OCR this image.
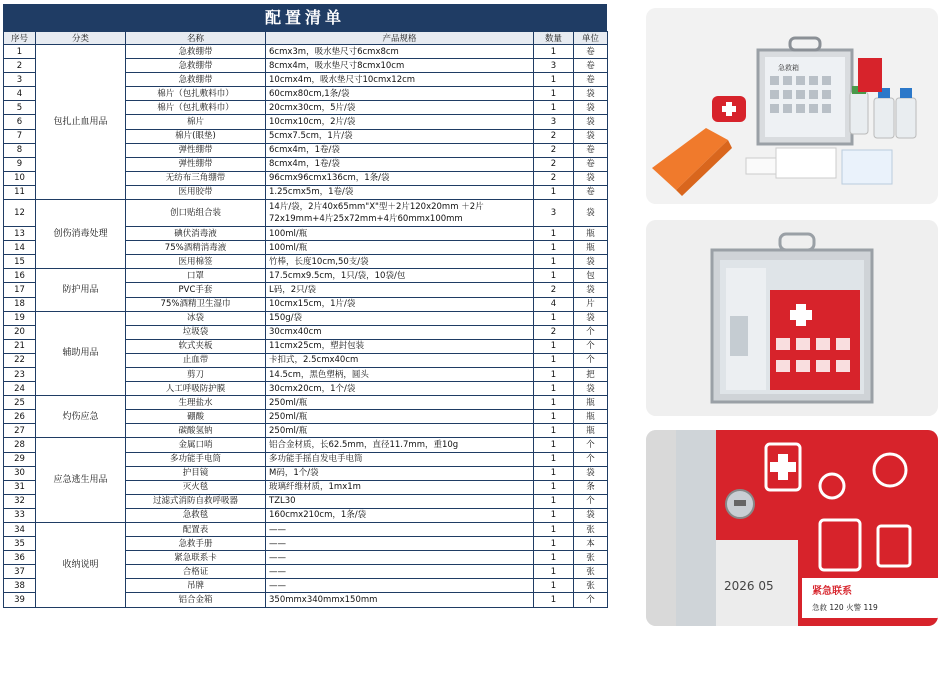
配置清单
序号	分类	名称	产品规格	数量	单位
1	包扎止血用品	急救绷带	6cmx3m，吸水垫尺寸6cmx8cm	1	卷
2		急救绷带	8cmx4m，吸水垫尺寸8cmx10cm	3	卷
3		急救绷带	10cmx4m，吸水垫尺寸10cmx12cm	1	卷
4		棉片（包扎敷料巾）	60cmx80cm,1条/袋	1	袋
5		棉片（包扎敷料巾）	20cmx30cm，5片/袋	1	袋
6		棉片	10cmx10cm，2片/袋	3	袋
7		棉片(眼垫)	5cmx7.5cm，1片/袋	2	袋
8		弹性绷带	6cmx4m，1卷/袋	2	卷
9		弹性绷带	8cmx4m，1卷/袋	2	卷
10		无纺布三角绷带	96cmx96cmx136cm，1条/袋	2	袋
11		医用胶带	1.25cmx5m，1卷/袋	1	卷
12	创伤消毒处理	创口贴组合装	14片/袋，2片40x65mm"X"型＋2片120x20mm ＋2片72x19mm+4片25x72mm+4片60mmx100mm	3	袋
13		碘伏消毒液	100ml/瓶	1	瓶
14		75%酒精消毒液	100ml/瓶	1	瓶
15		医用棉签	竹棒，长度10cm,50支/袋	1	袋
16	防护用品	口罩	17.5cmx9.5cm，1只/袋，10袋/包	1	包
17		PVC手套	L码，2只/袋	2	袋
18		75%酒精卫生湿巾	10cmx15cm，1片/袋	4	片
19	辅助用品	冰袋	150g/袋	1	袋
20		垃圾袋	30cmx40cm	2	个
21		软式夹板	11cmx25cm，塑封包装	1	个
22		止血带	卡扣式，2.5cmx40cm	1	个
23		剪刀	14.5cm，黑色塑柄，圆头	1	把
24		人工呼吸防护膜	30cmx20cm，1个/袋	1	袋
25	灼伤应急	生理盐水	250ml/瓶	1	瓶
26		硼酸	250ml/瓶	1	瓶
27		碳酸氢钠	250ml/瓶	1	瓶
28	应急逃生用品	金属口哨	铝合金材质，长62.5mm，直径11.7mm，重10g	1	个
29		多功能手电筒	多功能手摇自发电手电筒	1	个
30		护目镜	M码，1个/袋	1	袋
31		灭火毯	玻璃纤维材质，1mx1m	1	条
32		过滤式消防自救呼吸器	TZL30	1	个
33		急救毯	160cmx210cm，1条/袋	1	袋
34	收纳说明	配置表	——	1	张
35		急救手册	——	1	本
36		紧急联系卡	——	1	张
37		合格证	——	1	张
38		吊牌	——	1	张
39		铝合金箱	350mmx340mmx150mm	1	个
急救箱
2026 05	紧急联系
急救 120 火警 119
